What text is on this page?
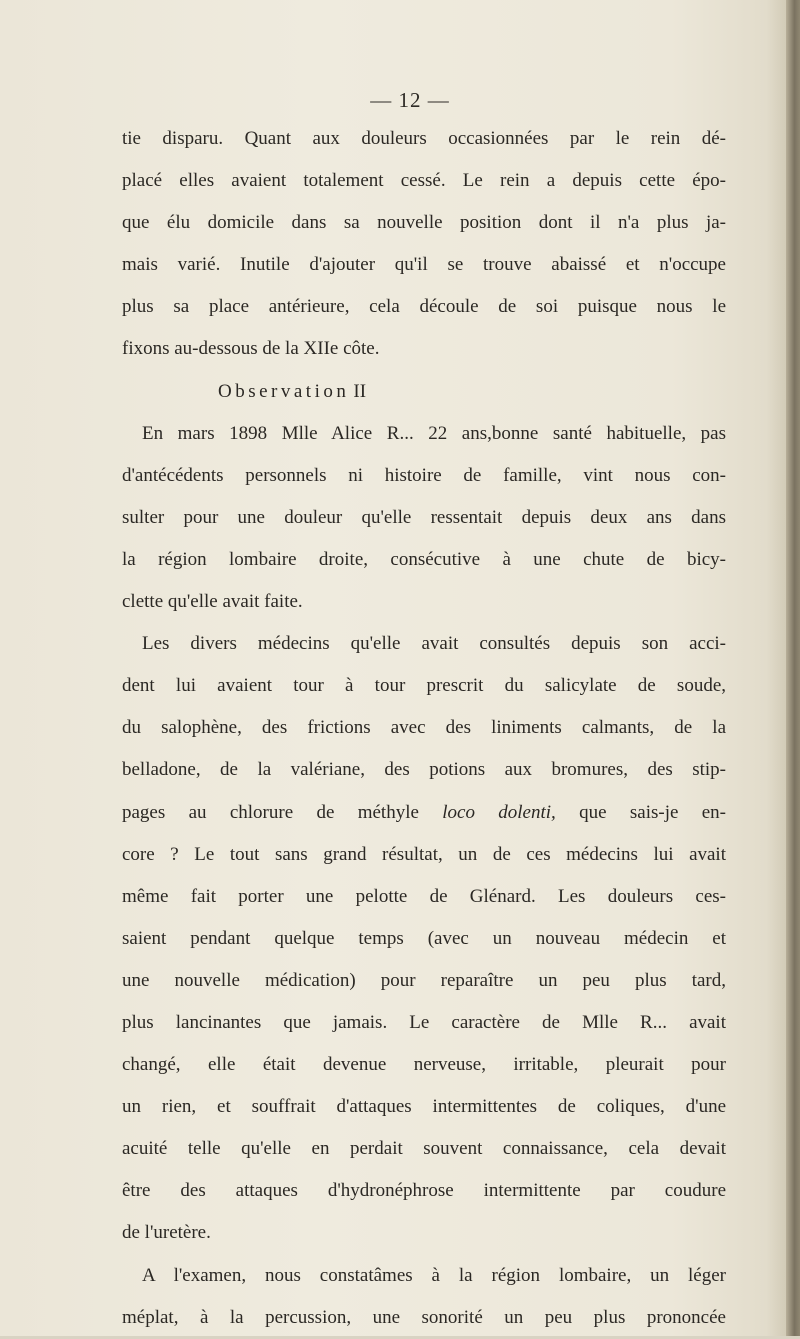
— 12 —
tie disparu. Quant aux douleurs occasionnées par le rein dé-
placé elles avaient totalement cessé. Le rein a depuis cette épo-
que élu domicile dans sa nouvelle position dont il n'a plus ja-
mais varié. Inutile d'ajouter qu'il se trouve abaissé et n'occupe
plus sa place antérieure, cela découle de soi puisque nous le
fixons au-dessous de la XIIe côte.
Observation II
En mars 1898 Mlle Alice R... 22 ans,bonne santé habituelle, pas
d'antécédents personnels ni histoire de famille, vint nous con-
sulter pour une douleur qu'elle ressentait depuis deux ans dans
la région lombaire droite, consécutive à une chute de bicy-
clette qu'elle avait faite.
Les divers médecins qu'elle avait consultés depuis son acci-
dent lui avaient tour à tour prescrit du salicylate de soude,
du salophène, des frictions avec des liniments calmants, de la
belladone, de la valériane, des potions aux bromures, des stip-
pages au chlorure de méthyle loco dolenti, que sais-je en-
core ? Le tout sans grand résultat, un de ces médecins lui avait
même fait porter une pelotte de Glénard. Les douleurs ces-
saient pendant quelque temps (avec un nouveau médecin et
une nouvelle médication) pour reparaître un peu plus tard,
plus lancinantes que jamais. Le caractère de Mlle R... avait
changé, elle était devenue nerveuse, irritable, pleurait pour
un rien, et souffrait d'attaques intermittentes de coliques, d'une
acuité telle qu'elle en perdait souvent connaissance, cela devait
être des attaques d'hydronéphrose intermittente par coudure
de l'uretère.
A l'examen, nous constatâmes à la région lombaire, un léger
méplat, à la percussion, une sonorité un peu plus prononcée
